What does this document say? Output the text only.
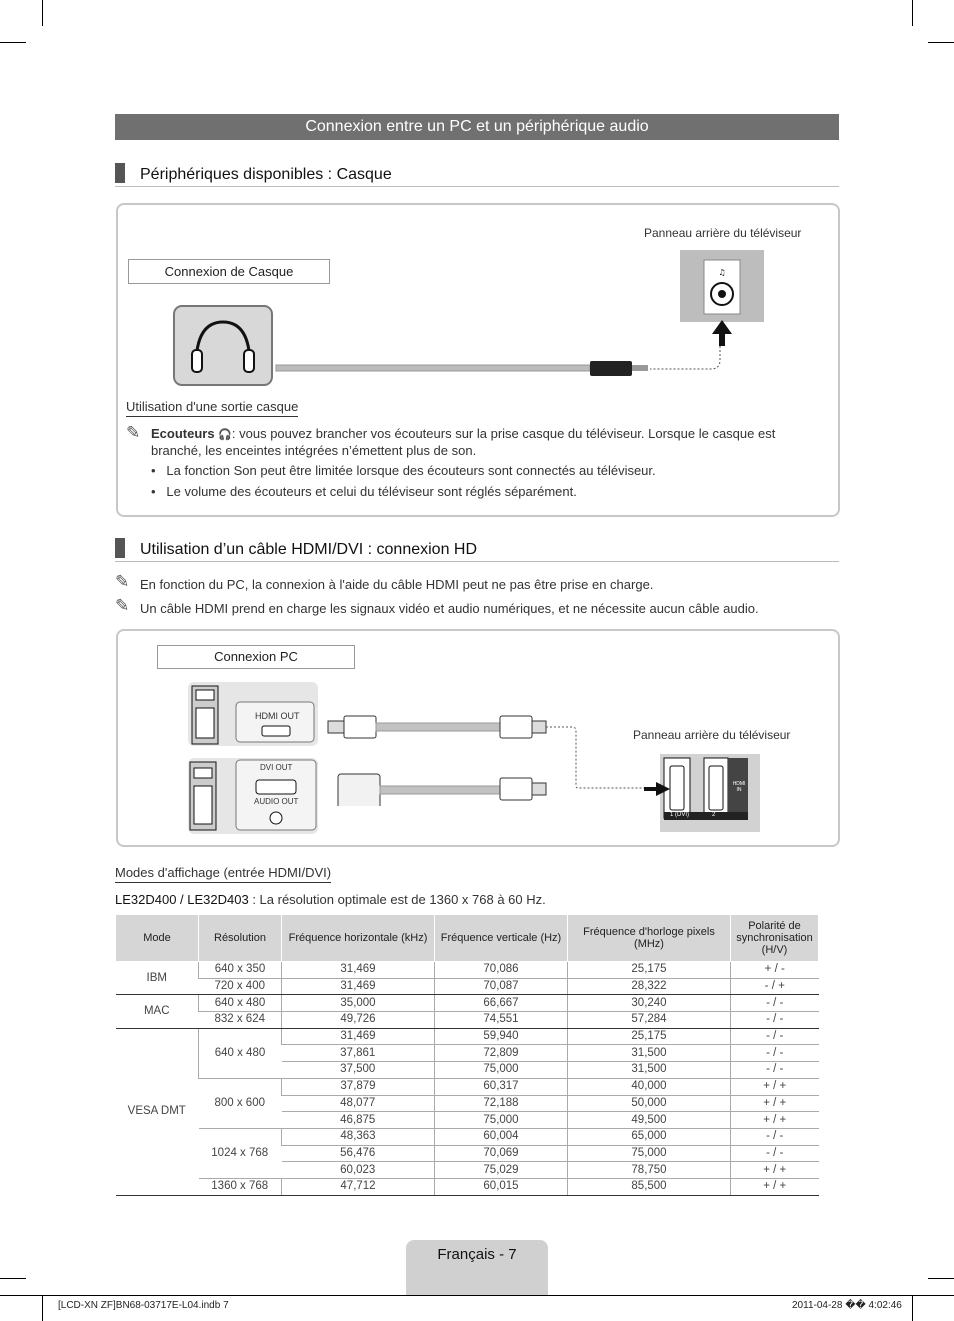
Connexion entre un PC et un périphérique audio
Périphériques disponibles : Casque
Panneau arrière du téléviseur
Connexion de Casque	♫
Utilisation d'une sortie casque
✎ Ecouteurs 🎧: vous pouvez brancher vos écouteurs sur la prise casque du téléviseur. Lorsque le casque est branché, les enceintes intégrées n’émettent plus de son.
•   La fonction Son peut être limitée lorsque des écouteurs sont connectés au téléviseur.
•   Le volume des écouteurs et celui du téléviseur sont réglés séparément.
Utilisation d’un câble HDMI/DVI : connexion HD
✎ En fonction du PC, la connexion à l'aide du câble HDMI peut ne pas être prise en charge.
✎ Un câble HDMI prend en charge les signaux vidéo et audio numériques, et ne nécessite aucun câble audio.
Connexion PC
HDMI OUT
DVI OUT
AUDIO OUT
Panneau arrière du téléviseur
HDMI IN
1 (DVI)	2
Modes d'affichage (entrée HDMI/DVI)
LE32D400 / LE32D403 : La résolution optimale est de 1360 x 768 à 60 Hz.
Mode	Résolution	Fréquence horizontale (kHz)	Fréquence verticale (Hz)	Fréquence d'horloge pixels (MHz)	Polarité de synchronisation (H/V)
IBM	640 x 350	31,469	70,086	25,175	+ / -
	720 x 400	31,469	70,087	28,322	- / +
MAC	640 x 480	35,000	66,667	30,240	- / -
	832 x 624	49,726	74,551	57,284	- / -
VESA DMT	640 x 480	31,469	59,940	25,175	- / -
		37,861	72,809	31,500	- / -
		37,500	75,000	31,500	- / -
	800 x 600	37,879	60,317	40,000	+ / +
		48,077	72,188	50,000	+ / +
		46,875	75,000	49,500	+ / +
	1024 x 768	48,363	60,004	65,000	- / -
		56,476	70,069	75,000	- / -
		60,023	75,029	78,750	+ / +
	1360 x 768	47,712	60,015	85,500	+ / +
Français - 7
[LCD-XN ZF]BN68-03717E-L04.indb 7	2011-04-28 �� 4:02:46
